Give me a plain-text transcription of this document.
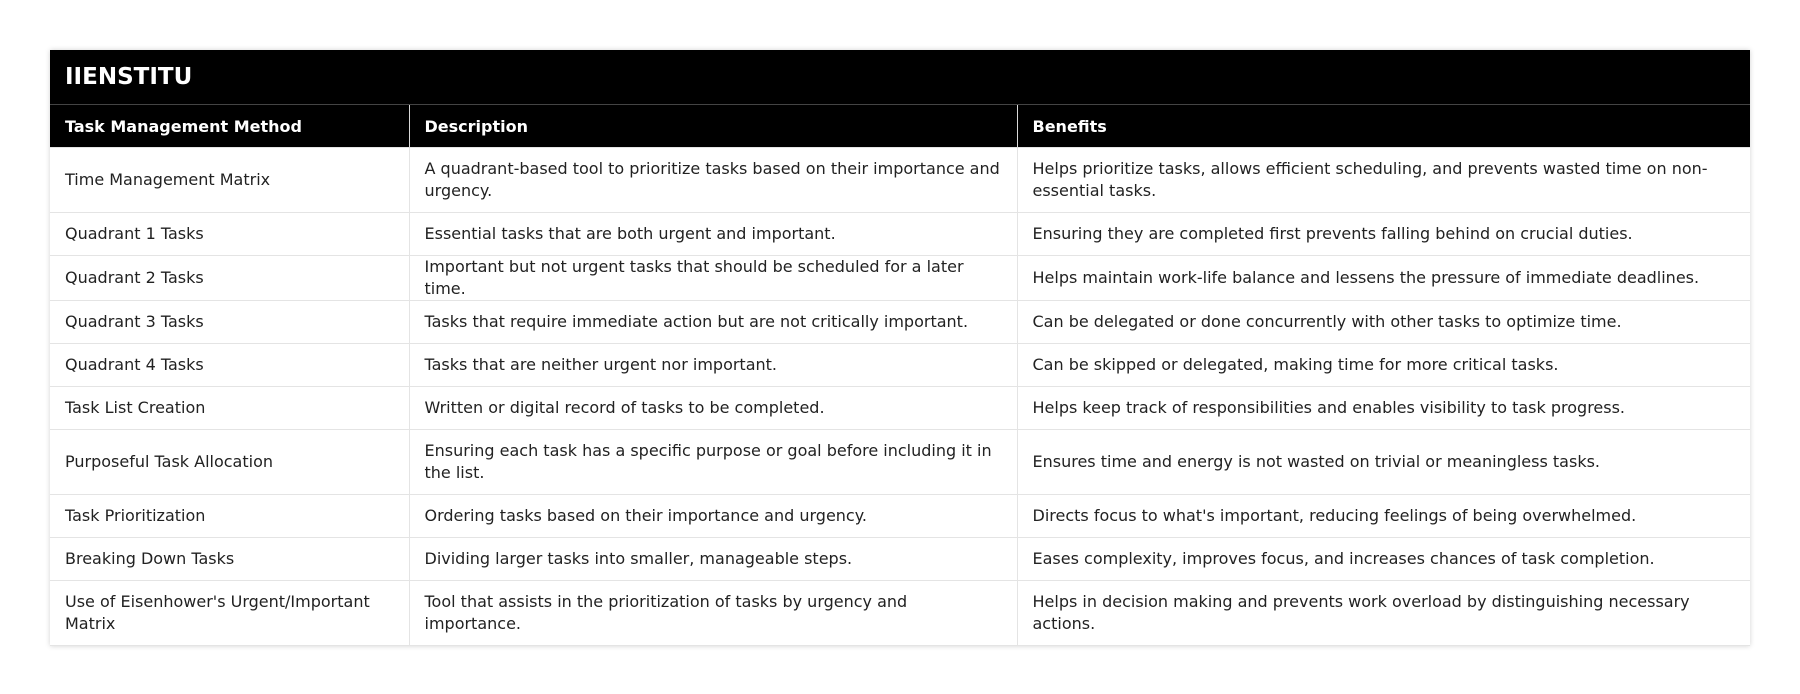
IIENSTITU
Task Management Method	Description	Benefits
Time Management Matrix	A quadrant-based tool to prioritize tasks based on their importance and urgency.	Helps prioritize tasks, allows efficient scheduling, and prevents wasted time on non-essential tasks.
Quadrant 1 Tasks	Essential tasks that are both urgent and important.	Ensuring they are completed first prevents falling behind on crucial duties.
Quadrant 2 Tasks	Important but not urgent tasks that should be scheduled for a later time.	Helps maintain work-life balance and lessens the pressure of immediate deadlines.
Quadrant 3 Tasks	Tasks that require immediate action but are not critically important.	Can be delegated or done concurrently with other tasks to optimize time.
Quadrant 4 Tasks	Tasks that are neither urgent nor important.	Can be skipped or delegated, making time for more critical tasks.
Task List Creation	Written or digital record of tasks to be completed.	Helps keep track of responsibilities and enables visibility to task progress.
Purposeful Task Allocation	Ensuring each task has a specific purpose or goal before including it in the list.	Ensures time and energy is not wasted on trivial or meaningless tasks.
Task Prioritization	Ordering tasks based on their importance and urgency.	Directs focus to what's important, reducing feelings of being overwhelmed.
Breaking Down Tasks	Dividing larger tasks into smaller, manageable steps.	Eases complexity, improves focus, and increases chances of task completion.
Use of Eisenhower's Urgent/Important Matrix	Tool that assists in the prioritization of tasks by urgency and importance.	Helps in decision making and prevents work overload by distinguishing necessary actions.
